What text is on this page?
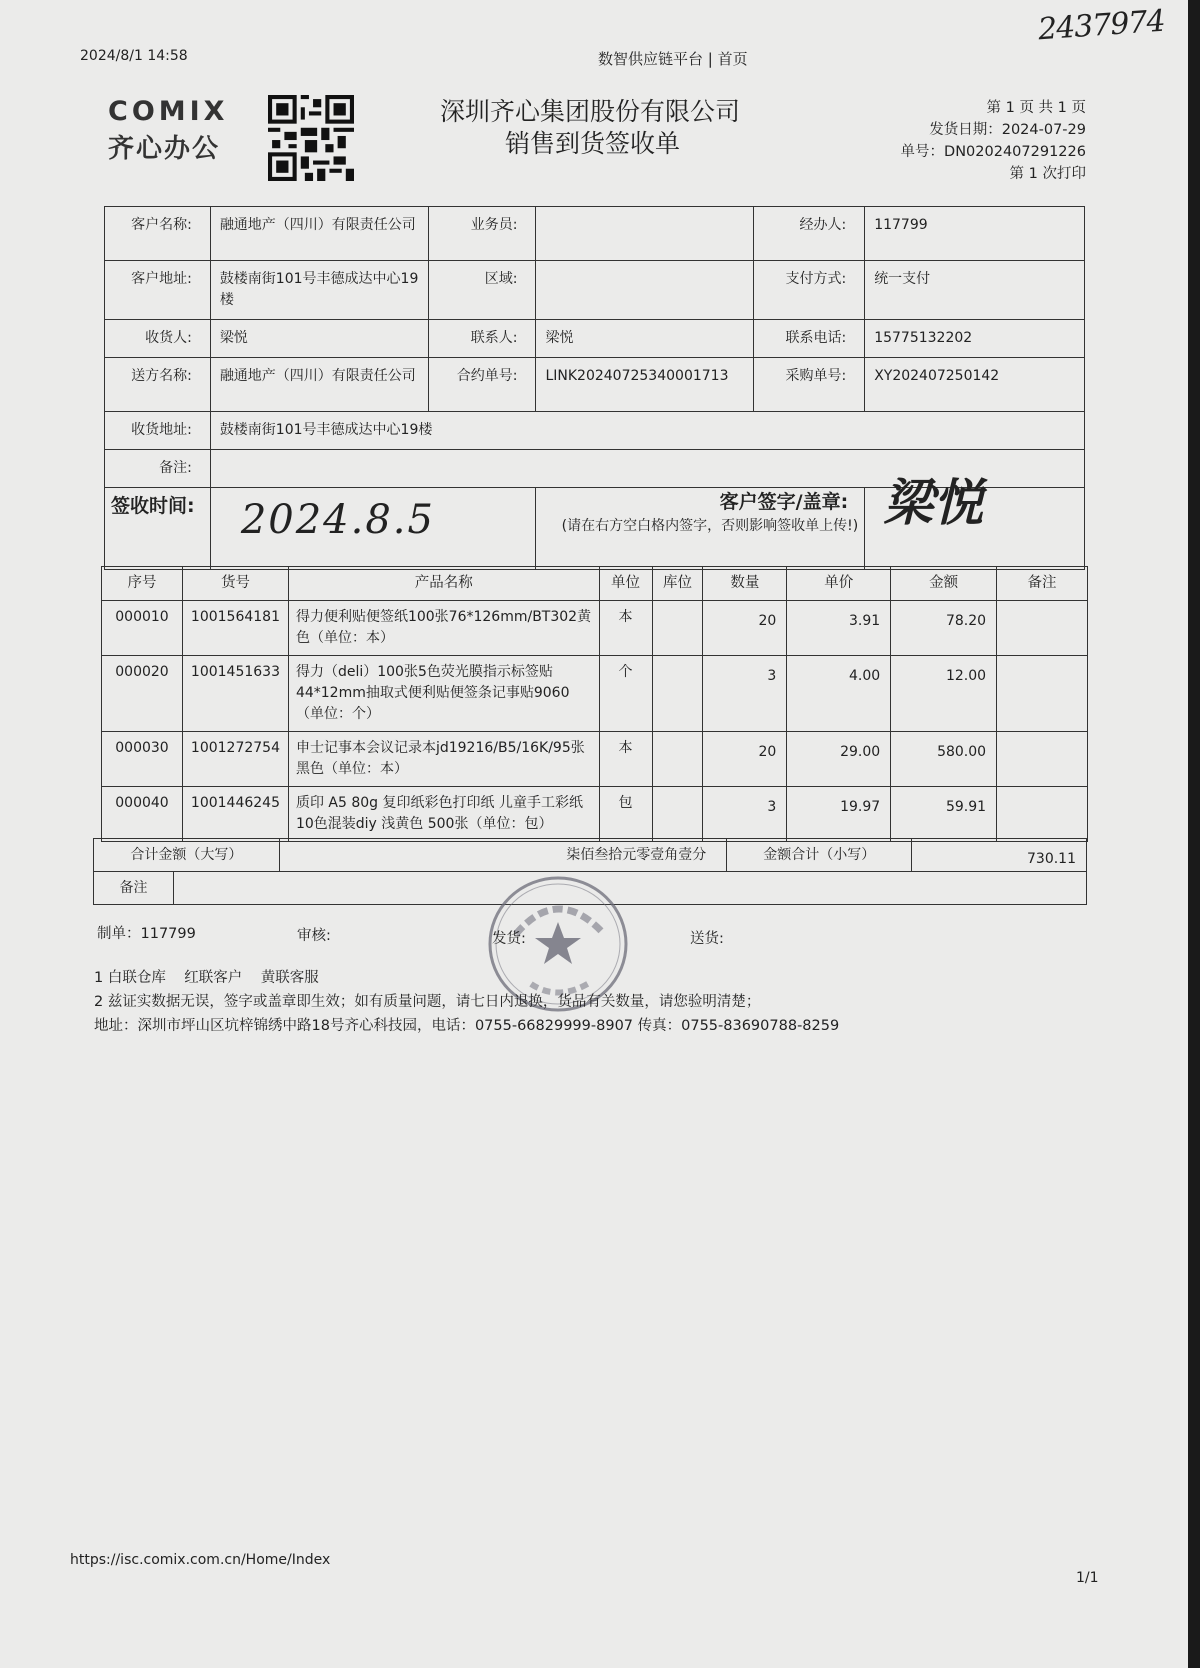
2437974
2024/8/1 14:58	数智供应链平台 | 首页
COMIX
齐心办公
深圳齐心集团股份有限公司
销售到货签收单
第 1 页 共 1 页
发货日期：2024-07-29
单号：DN0202407291226
第 1 次打印
客户名称:	融通地产（四川）有限责任公司	业务员:		经办人:	117799
客户地址:	鼓楼南街101号丰德成达中心19楼	区域:		支付方式:	统一支付
收货人:	梁悦	联系人:	梁悦	联系电话:	15775132202
送方名称:	融通地产（四川）有限责任公司	合约单号:	LINK20240725340001713	采购单号:	XY202407250142
收货地址:	鼓楼南街101号丰德成达中心19楼				
备注:					
签收时间:	2024.8.5		客户签字/盖章:
(请在右方空白格内签字，否则影响签收单上传!)		梁悦
序号	货号	产品名称	单位	库位	数量	单价	金额	备注
000010	1001564181	得力便利贴便签纸100张76*126mm/BT302黄色（单位：本）	本		20	3.91	78.20	
000020	1001451633	得力（deli）100张5色荧光膜指示标签贴 44*12mm抽取式便利贴便签条记事贴9060（单位：个）	个		3	4.00	12.00	
000030	1001272754	申士记事本会议记录本jd19216/B5/16K/95张黑色（单位：本）	本		20	29.00	580.00	
000040	1001446245	质印 A5 80g 复印纸彩色打印纸 儿童手工彩纸 10色混装diy 浅黄色 500张（单位：包）	包		3	19.97	59.91	
合计金额（大写）		柒佰叁拾元零壹角壹分	金额合计（小写）	730.11
备注				
制单：117799	审核:	发货:	送货:
1 白联仓库    红联客户    黄联客服
2 兹证实数据无误，签字或盖章即生效；如有质量问题，请七日内退换，货品有关数量，请您验明清楚；
地址：深圳市坪山区坑梓锦绣中路18号齐心科技园，电话：0755-66829999-8907 传真：0755-83690788-8259
https://isc.comix.com.cn/Home/Index
1/1
